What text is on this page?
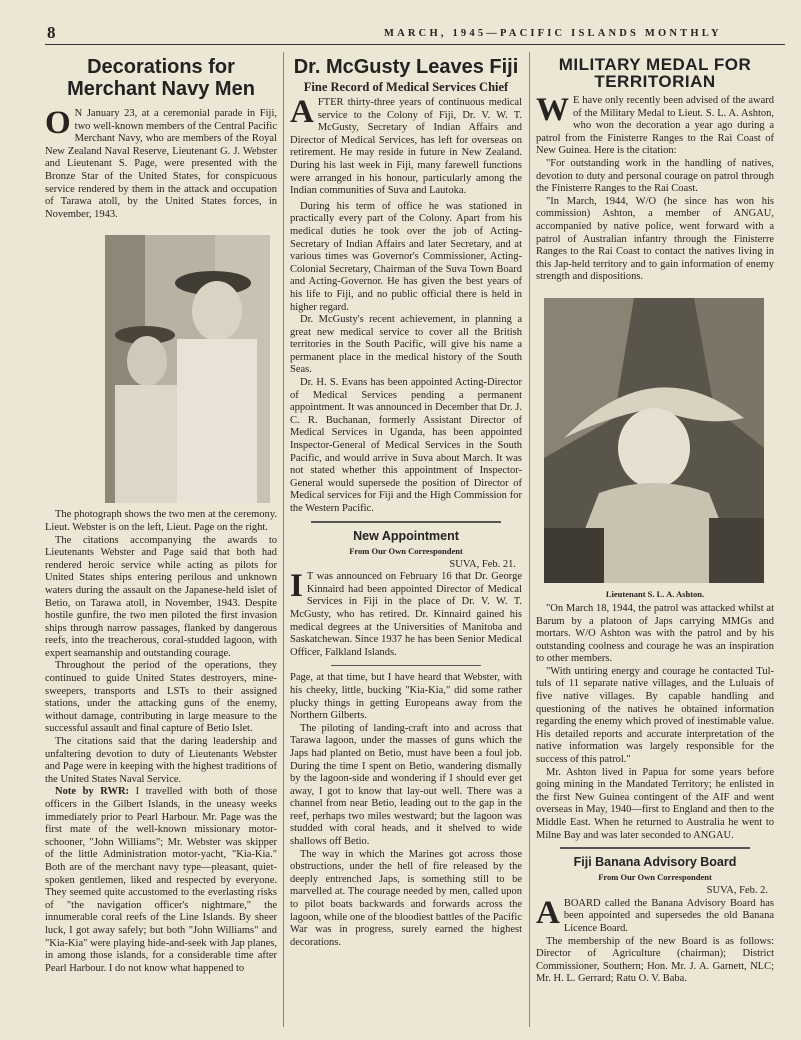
8	MARCH, 1945—PACIFIC ISLANDS MONTHLY
Decorations for Merchant Navy Men

O N January 23, at a ceremonial parade in Fiji, two well-known members of the Central Pacific Merchant Navy, who are members of the Royal New Zealand Naval Reserve, Lieutenant G. J. Webster and Lieutenant S. Page, were presented with the Bronze Star of the United States, for conspicuous service rendered by them in the attack and occupation of Tarawa atoll, by the United States forces, in November, 1943.

The photograph shows the two men at the ceremony. Lieut. Webster is on the left, Lieut. Page on the right.

The citations accompanying the awards to Lieutenants Webster and Page said that both had rendered heroic service while acting as pilots for United States ships entering perilous and unknown waters during the assault on the Japanese-held islet of Betio, on Tarawa atoll, in November, 1943. Despite hostile gunfire, the two men piloted the first invasion ships through narrow passages, flanked by dangerous reefs, into the treacherous, coral-studded lagoon, with expert seamanship and outstanding courage.

Throughout the period of the operations, they continued to guide United States destroyers, mine-sweepers, transports and LSTs to their assigned stations, under the attacking guns of the enemy, without damage, contributing in large measure to the successful assault and final capture of Betio Islet.

The citations said that the daring leadership and unfaltering devotion to duty of Lieutenants Webster and Page were in keeping with the highest traditions of the United States Naval Service.

Note by RWR: I travelled with both of those officers in the Gilbert Islands, in the uneasy weeks immediately prior to Pearl Harbour. Mr. Page was the first mate of the well-known missionary motor-schooner, "John Williams"; Mr. Webster was skipper of the little Administration motor-yacht, "Kia-Kia." Both are of the merchant navy type—pleasant, quiet-spoken gentlemen, liked and respected by everyone. They seemed quite accustomed to the everlasting risks of "the navigation officer's nightmare," the innumerable coral reefs of the Line Islands. By sheer luck, I got away safely; but both "John Williams" and "Kia-Kia" were playing hide-and-seek with Jap planes, in among those islands, for a considerable time after Pearl Harbour. I do not know what happened to

Dr. McGusty Leaves Fiji
Fine Record of Medical Services Chief

AFTER thirty-three years of continuous medical service to the Colony of Fiji, Dr. V. W. T. McGusty, Secretary of Indian Affairs and Director of Medical Services, has left for overseas on retirement. He may reside in future in New Zealand. During his last week in Fiji, many farewell functions were arranged in his honour, particularly among the Indian communities of Suva and Lautoka.

During his term of office he was stationed in practically every part of the Colony. Apart from his medical duties he took over the job of Acting-Secretary of Indian Affairs and later Secretary, and at various times was Governor's Commissioner, Acting-Colonial Secretary, Chairman of the Suva Town Board and Acting-Governor. He has given the best years of his life to Fiji, and no public official there is held in higher regard.

Dr. McGusty's recent achievement, in planning a great new medical service to cover all the British territories in the South Pacific, will give his name a permanent place in the medical history of the South Seas.

Dr. H. S. Evans has been appointed Acting-Director of Medical Services pending a permanent appointment. It was announced in December that Dr. J. C. R. Buchanan, formerly Assistant Director of Medical Services in Uganda, has been appointed Inspector-General of Medical Services in the South Pacific, and would arrive in Suva about March. It was not stated whether this appointment of Inspector-General would supersede the position of Director of Medical services for Fiji and the High Commission for the Western Pacific.

New Appointment
From Our Own Correspondent

SUVA, Feb. 21.

I T was announced on February 16 that Dr. George Kinnaird had been appointed Director of Medical Services in Fiji in the place of Dr. V. W. T. McGusty, who has retired. Dr. Kinnaird gained his medical degrees at the Universities of Manitoba and Saskatchewan. Since 1937 he has been Senior Medical Officer, Falkland Islands.

Page, at that time, but I have heard that Webster, with his cheeky, little, bucking "Kia-Kia," did some rather plucky things in getting Europeans away from the Northern Gilberts.

The piloting of landing-craft into and across that Tarawa lagoon, under the masses of guns which the Japs had planted on Betio, must have been a foul job. During the time I spent on Betio, wandering dismally by the lagoon-side and wondering if I should ever get away, I got to know that lay-out well. There was a channel from near Betio, leading out to the gap in the reef, perhaps two miles westward; but the lagoon was studded with coral heads, and it shelved to wide shallows off Betio.

The way in which the Marines got across those obstructions, under the hell of fire released by the deeply entrenched Japs, is something still to be marvelled at. The courage needed by men, called upon to pilot boats backwards and forwards across the lagoon, while one of the bloodiest battles of the Pacific War was in progress, surely earned the highest decorations.

MILITARY MEDAL FOR TERRITORIAN

W E have only recently been advised of the award of the Military Medal to Lieut. S. L. A. Ashton, who won the decoration a year ago during a patrol from the Finisterre Ranges to the Rai Coast of New Guinea. Here is the citation:

"For outstanding work in the handling of natives, devotion to duty and personal courage on patrol through the Finisterre Ranges to the Rai Coast.

"In March, 1944, W/O (he since has won his commission) Ashton, a member of ANGAU, accompanied by native police, went forward with a patrol of Australian infantry through the Finisterre Ranges to the Rai Coast to contact the natives living in this Jap-held territory and to gain information of enemy strength and dispositions.

Lieutenant S. L. A. Ashton.

"On March 18, 1944, the patrol was attacked whilst at Barum by a platoon of Japs carrying MMGs and mortars. W/O Ashton was with the patrol and by his outstanding coolness and courage he was an inspiration to other members.

"With untiring energy and courage he contacted Tul-tuls of 11 separate native villages, and the Luluais of five native villages. By capable handling and questioning of the natives he obtained information regarding the enemy which proved of inestimable value. His detailed reports and accurate interpretation of the native information was largely responsible for the success of this patrol."

Mr. Ashton lived in Papua for some years before going mining in the Mandated Territory; he enlisted in the first New Guinea contingent of the AIF and went overseas in May, 1940—first to England and then to the Middle East. When he returned to Australia he went to Milne Bay and was later seconded to ANGAU.

Fiji Banana Advisory Board
From Our Own Correspondent

SUVA, Feb. 2.

ABOARD called the Banana Advisory Board has been appointed and supersedes the old Banana Licence Board.

The membership of the new Board is as follows: Director of Agriculture (chairman); District Commissioner, Southern; Hon. Mr. J. A. Garnett, NLC; Mr. H. L. Gerrard; Ratu O. V. Baba.
